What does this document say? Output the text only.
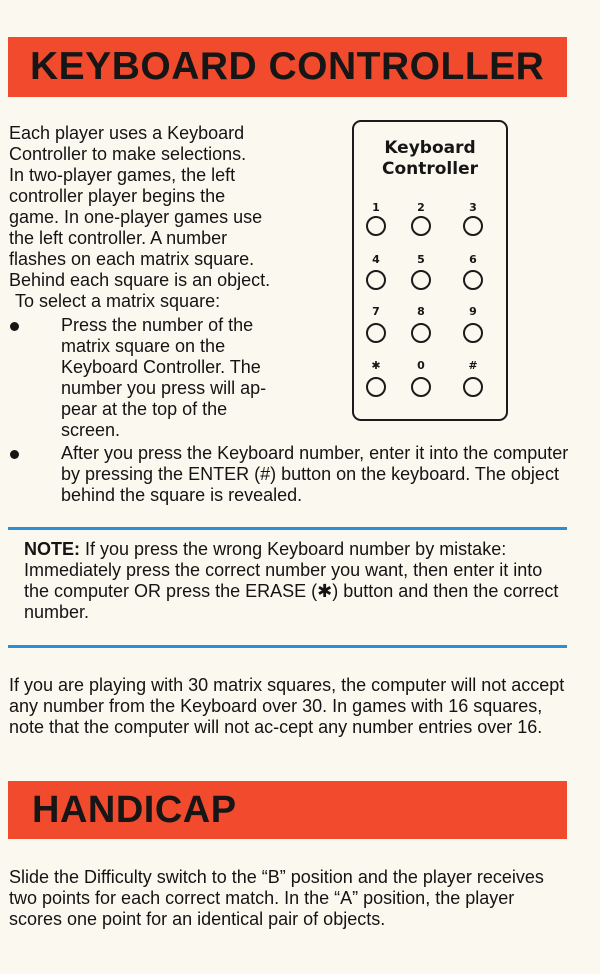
KEYBOARD CONTROLLER
Each player uses a Keyboard
Controller to make selections.
In two-player games, the left
controller player begins the
game. In one-player games use
the left controller. A number
flashes on each matrix square.
Behind each square is an object.
To select a matrix square:
Press the number of the matrix square on the Keyboard Controller. The number you press will ap-pear at the top of the screen.
After you press the Keyboard number, enter it into the computer by pressing the ENTER (#) button on the keyboard. The object behind the square is revealed.
Keyboard Controller
1	2	3
4	5	6
7	8	9
✱	0	#

NOTE: If you press the wrong Keyboard number by mistake:

Immediately press the correct number you want, then enter it into the computer OR press the ERASE (✱) button and then the correct number.

If you are playing with 30 matrix squares, the computer will not accept any number from the Keyboard over 30. In games with 16 squares, note that the computer will not ac-cept any number entries over 16.

HANDICAP

Slide the Difficulty switch to the “B” position and the player receives two points for each correct match. In the “A” position, the player scores one point for an identical pair of objects.
